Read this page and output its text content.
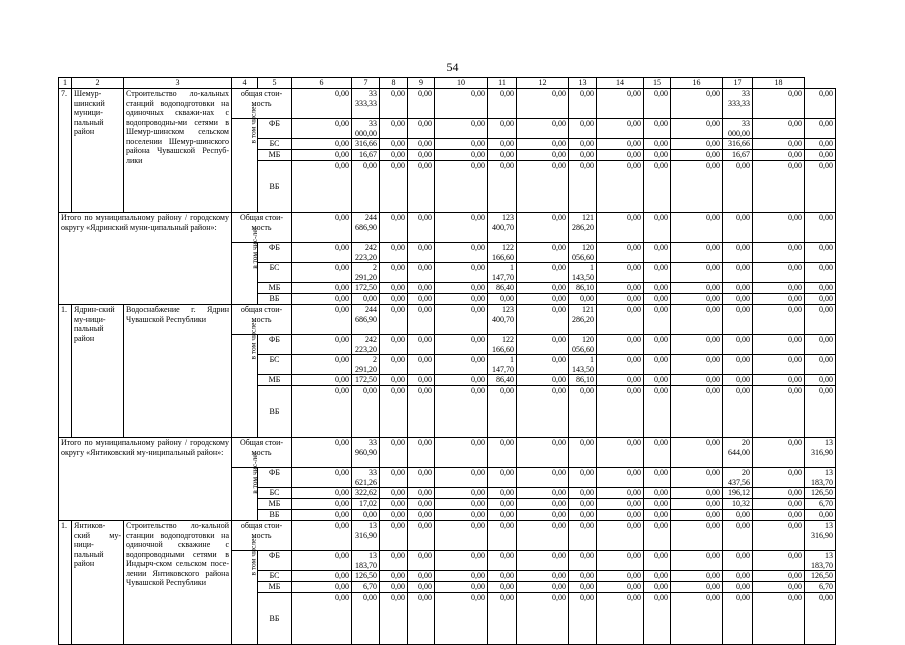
54
1	2	3	4	5	6	7	8	9	10	11	12	13	14	15	16	17	18	
7.	Шемур-шинский муници-пальный район	Строительство ло-кальных станций водоподготовки на одиночных скважи-нах с водопроводны-ми сетями в Шемур-шинском сельском поселении Шемур-шинского района Чувашской Респуб-лики	общая стои-мость		0,00	33 333,33	0,00	0,00	0,00	0,00	0,00	0,00	0,00	0,00	0,00	33 333,33	0,00	0,00
			в том числе:	ФБ	0,00	33 000,00	0,00	0,00	0,00	0,00	0,00	0,00	0,00	0,00	0,00	33 000,00	0,00	0,00
				БС	0,00	316,66	0,00	0,00	0,00	0,00	0,00	0,00	0,00	0,00	0,00	316,66	0,00	0,00
				МБ	0,00	16,67	0,00	0,00	0,00	0,00	0,00	0,00	0,00	0,00	0,00	16,67	0,00	0,00
				ВБ	0,00	0,00	0,00	0,00	0,00	0,00	0,00	0,00	0,00	0,00	0,00	0,00	0,00	0,00
Итого по муниципальному району / городскому округу «Ядринский муни-ципальный район»:			Общая стои-мость		0,00	244 686,90	0,00	0,00	0,00	123 400,70	0,00	121 286,20	0,00	0,00	0,00	0,00	0,00	0,00
			в том чис-ле:	ФБ	0,00	242 223,20	0,00	0,00	0,00	122 166,60	0,00	120 056,60	0,00	0,00	0,00	0,00	0,00	0,00
				БС	0,00	2 291,20	0,00	0,00	0,00	1 147,70	0,00	1 143,50	0,00	0,00	0,00	0,00	0,00	0,00
				МБ	0,00	172,50	0,00	0,00	0,00	86,40	0,00	86,10	0,00	0,00	0,00	0,00	0,00	0,00
				ВБ	0,00	0,00	0,00	0,00	0,00	0,00	0,00	0,00	0,00	0,00	0,00	0,00	0,00	0,00
1.	Ядрин-ский му-ници-пальный район	Водоснабжение г. Ядрин Чувашской Республики	общая стои-мость		0,00	244 686,90	0,00	0,00	0,00	123 400,70	0,00	121 286,20	0,00	0,00	0,00	0,00	0,00	0,00
			в том числе:	ФБ	0,00	242 223,20	0,00	0,00	0,00	122 166,60	0,00	120 056,60	0,00	0,00	0,00	0,00	0,00	0,00
				БС	0,00	2 291,20	0,00	0,00	0,00	1 147,70	0,00	1 143,50	0,00	0,00	0,00	0,00	0,00	0,00
				МБ	0,00	172,50	0,00	0,00	0,00	86,40	0,00	86,10	0,00	0,00	0,00	0,00	0,00	0,00
				ВБ	0,00	0,00	0,00	0,00	0,00	0,00	0,00	0,00	0,00	0,00	0,00	0,00	0,00	0,00
Итого по муниципальному району / городскому округу «Янтиковский му-ниципальный район»:			Общая стои-мость		0,00	33 960,90	0,00	0,00	0,00	0,00	0,00	0,00	0,00	0,00	0,00	20 644,00	0,00	13 316,90
			в том чис-ле:	ФБ	0,00	33 621,26	0,00	0,00	0,00	0,00	0,00	0,00	0,00	0,00	0,00	20 437,56	0,00	13 183,70
				БС	0,00	322,62	0,00	0,00	0,00	0,00	0,00	0,00	0,00	0,00	0,00	196,12	0,00	126,50
				МБ	0,00	17,02	0,00	0,00	0,00	0,00	0,00	0,00	0,00	0,00	0,00	10,32	0,00	6,70
				ВБ	0,00	0,00	0,00	0,00	0,00	0,00	0,00	0,00	0,00	0,00	0,00	0,00	0,00	0,00
1.	Янтиков-ский му-ници-пальный район	Строительство ло-кальной станции водоподготовки на одиночной скважине с водопроводными сетями в Индырч-ском сельском посе-лении Янтиковского района Чувашской Республики	общая стои-мость		0,00	13 316,90	0,00	0,00	0,00	0,00	0,00	0,00	0,00	0,00	0,00	0,00	0,00	13 316,90
			в том числе:	ФБ	0,00	13 183,70	0,00	0,00	0,00	0,00	0,00	0,00	0,00	0,00	0,00	0,00	0,00	13 183,70
				БС	0,00	126,50	0,00	0,00	0,00	0,00	0,00	0,00	0,00	0,00	0,00	0,00	0,00	126,50
				МБ	0,00	6,70	0,00	0,00	0,00	0,00	0,00	0,00	0,00	0,00	0,00	0,00	0,00	6,70
				ВБ	0,00	0,00	0,00	0,00	0,00	0,00	0,00	0,00	0,00	0,00	0,00	0,00	0,00	0,00
